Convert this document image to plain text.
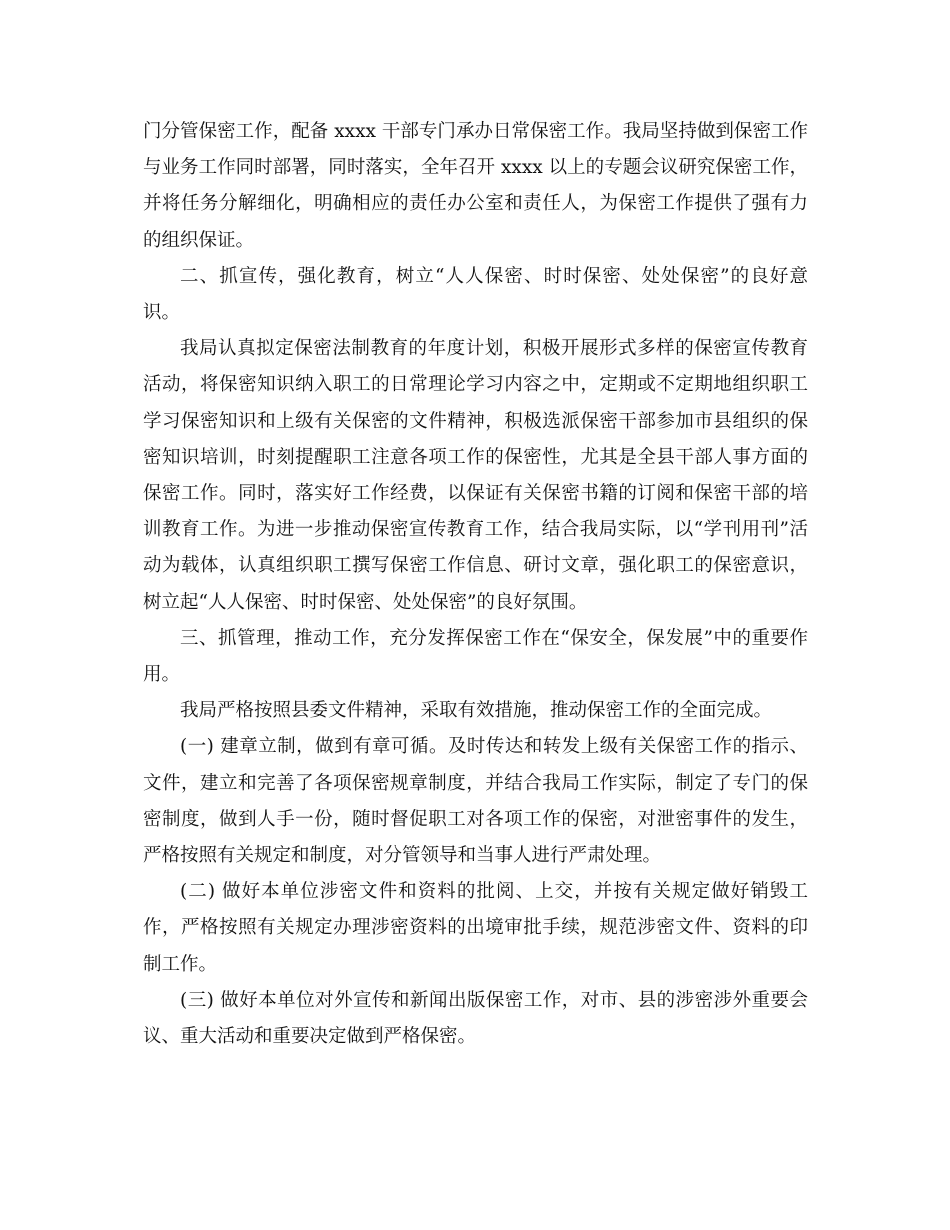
门分管保密工作，配备 xxxx 干部专门承办日常保密工作。我局坚持做到保密工作与业务工作同时部署，同时落实，全年召开 xxxx 以上的专题会议研究保密工作，并将任务分解细化，明确相应的责任办公室和责任人，为保密工作提供了强有力的组织保证。

二、抓宣传，强化教育，树立“人人保密、时时保密、处处保密”的良好意识。

我局认真拟定保密法制教育的年度计划，积极开展形式多样的保密宣传教育活动，将保密知识纳入职工的日常理论学习内容之中，定期或不定期地组织职工学习保密知识和上级有关保密的文件精神，积极选派保密干部参加市县组织的保密知识培训，时刻提醒职工注意各项工作的保密性，尤其是全县干部人事方面的保密工作。同时，落实好工作经费，以保证有关保密书籍的订阅和保密干部的培训教育工作。为进一步推动保密宣传教育工作，结合我局实际，以“学刊用刊”活动为载体，认真组织职工撰写保密工作信息、研讨文章，强化职工的保密意识，树立起“人人保密、时时保密、处处保密”的良好氛围。

三、抓管理，推动工作，充分发挥保密工作在“保安全，保发展”中的重要作用。

我局严格按照县委文件精神，采取有效措施，推动保密工作的全面完成。

(一) 建章立制，做到有章可循。及时传达和转发上级有关保密工作的指示、文件，建立和完善了各项保密规章制度，并结合我局工作实际，制定了专门的保密制度，做到人手一份，随时督促职工对各项工作的保密，对泄密事件的发生，严格按照有关规定和制度，对分管领导和当事人进行严肃处理。

(二) 做好本单位涉密文件和资料的批阅、上交，并按有关规定做好销毁工作，严格按照有关规定办理涉密资料的出境审批手续，规范涉密文件、资料的印制工作。

(三) 做好本单位对外宣传和新闻出版保密工作，对市、县的涉密涉外重要会议、重大活动和重要决定做到严格保密。
